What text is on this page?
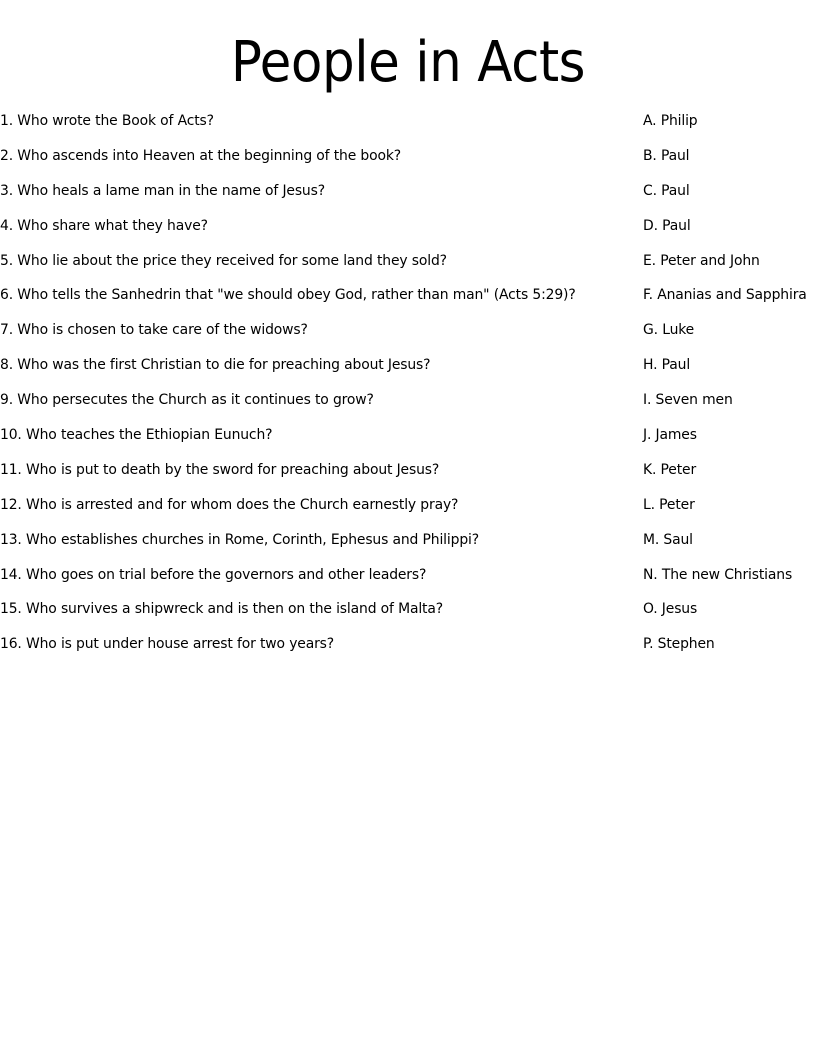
People in Acts
1. Who wrote the Book of Acts?	A. Philip
2. Who ascends into Heaven at the beginning of the book?	B. Paul
3. Who heals a lame man in the name of Jesus?	C. Paul
4. Who share what they have?	D. Paul
5. Who lie about the price they received for some land they sold?	E. Peter and John
6. Who tells the Sanhedrin that "we should obey God, rather than man" (Acts 5:29)?	F. Ananias and Sapphira
7. Who is chosen to take care of the widows?	G. Luke
8. Who was the first Christian to die for preaching about Jesus?	H. Paul
9. Who persecutes the Church as it continues to grow?	I. Seven men
10. Who teaches the Ethiopian Eunuch?	J. James
11. Who is put to death by the sword for preaching about Jesus?	K. Peter
12. Who is arrested and for whom does the Church earnestly pray?	L. Peter
13. Who establishes churches in Rome, Corinth, Ephesus and Philippi?	M. Saul
14. Who goes on trial before the governors and other leaders?	N. The new Christians
15. Who survives a shipwreck and is then on the island of Malta?	O. Jesus
16. Who is put under house arrest for two years?	P. Stephen
